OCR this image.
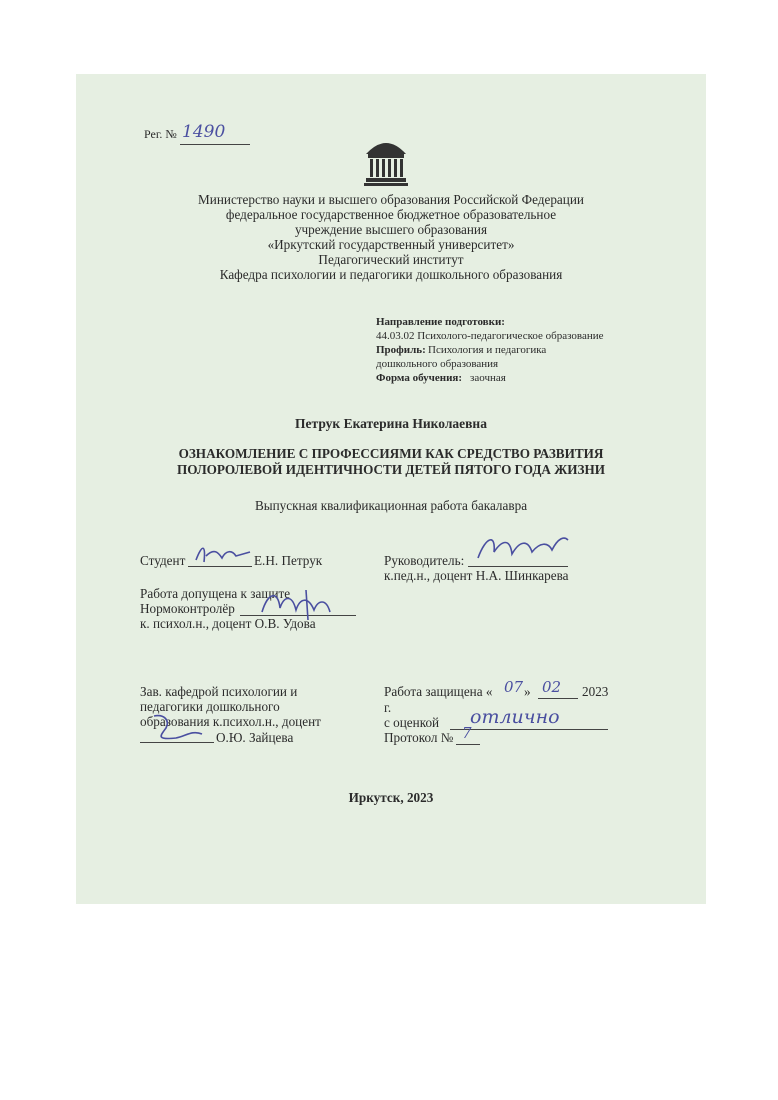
Рег. № 1490
Министерство науки и высшего образования Российской Федерации
федеральное государственное бюджетное образовательное
учреждение высшего образования
«Иркутский государственный университет»
Педагогический институт
Кафедра психологии и педагогики дошкольного образования
Направление подготовки:
44.03.02 Психолого-педагогическое образование
Профиль: Психология и педагогика
дошкольного образования
Форма обучения: заочная
Петрук Екатерина Николаевна
ОЗНАКОМЛЕНИЕ С ПРОФЕССИЯМИ КАК СРЕДСТВО РАЗВИТИЯ
ПОЛОРОЛЕВОЙ ИДЕНТИЧНОСТИ ДЕТЕЙ ПЯТОГО ГОДА ЖИЗНИ
Выпускная квалификационная работа бакалавра
Студент	Е.Н. Петрук	Руководитель:
к.пед.н., доцент Н.А. Шинкарева
Работа допущена к защите
Нормоконтролёр
к. психол.н., доцент О.В. Удова
Зав. кафедрой психологии и
педагогики дошкольного
образования к.психол.н., доцент
О.Ю. Зайцева
Работа защищена « 07 » 02 2023
г.
с оценкой отлично
Протокол № 7
Иркутск, 2023
